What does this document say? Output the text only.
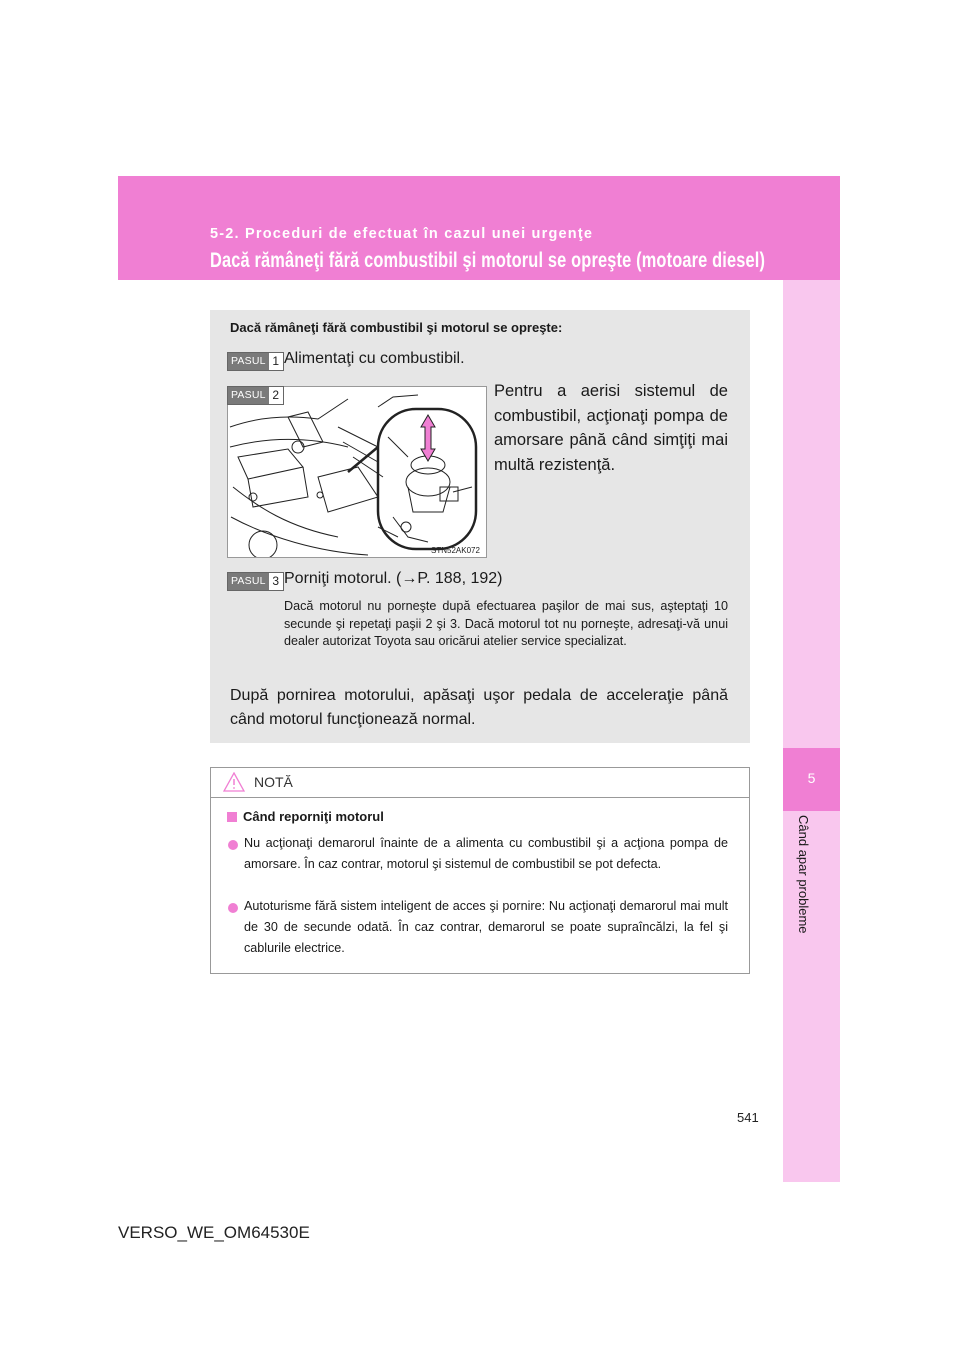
5-2. Proceduri de efectuat în cazul unei urgenţe
Dacă rămâneţi fără combustibil şi motorul se opreşte (motoare diesel)
5
Când apar probleme
Dacă rămâneţi fără combustibil şi motorul se opreşte:
PASUL 1 Alimentaţi cu combustibil.
STN52AK072
PASUL 2	Pentru a aerisi sistemul de combustibil, acţionaţi pompa de amorsare până când simţiţi mai multă rezistenţă.
PASUL 3 Porniţi motorul. (→P. 188, 192)
Dacă motorul nu porneşte după efectuarea paşilor de mai sus, aşteptaţi 10 secunde şi repetaţi paşii 2 şi 3. Dacă motorul tot nu porneşte, adresaţi-vă unui dealer autorizat Toyota sau oricărui atelier service specializat.
După pornirea motorului, apăsaţi uşor pedala de acceleraţie până când motorul funcţionează normal.
NOTĂ
Când reporniţi motorul
Nu acţionaţi demarorul înainte de a alimenta cu combustibil şi a acţiona pompa de amorsare. În caz contrar, motorul şi sistemul de combustibil se pot defecta.
Autoturisme fără sistem inteligent de acces şi pornire: Nu acţionaţi demarorul mai mult de 30 de secunde odată. În caz contrar, demarorul se poate supraîncălzi, la fel şi cablurile electrice.
541
VERSO_WE_OM64530E
